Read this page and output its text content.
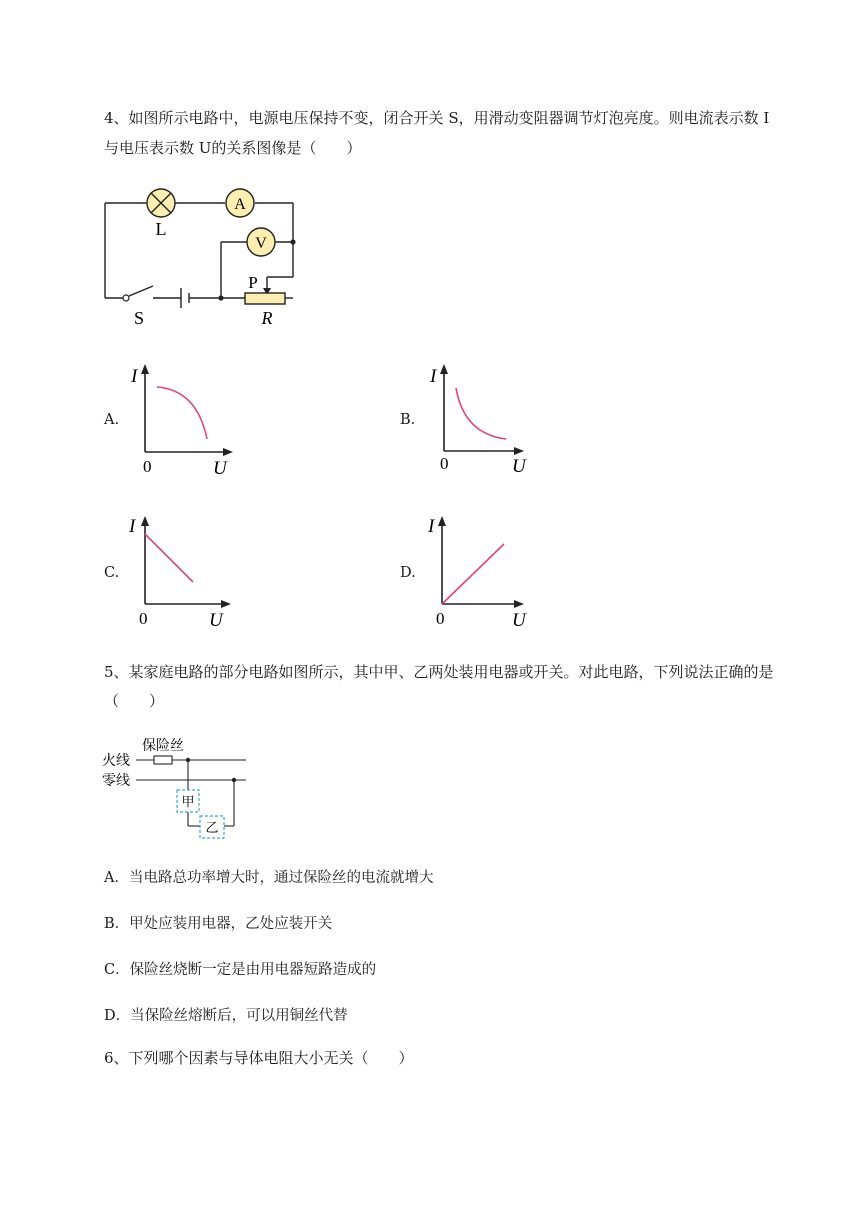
4、如图所示电路中，电源电压保持不变，闭合开关 S，用滑动变阻器调节灯泡亮度。则电流表示数 I
与电压表示数 U的关系图像是（　　）
A
V
L
P
R
S
A.
I
0	U
B.
I
0	U
C.
I
0	U
D.
I
0	U
5、某家庭电路的部分电路如图所示，其中甲、乙两处装用电器或开关。对此电路，下列说法正确的是
（　　）
保险丝
火线
零线
甲
乙
A．当电路总功率增大时，通过保险丝的电流就增大
B．甲处应装用电器，乙处应装开关
C．保险丝烧断一定是由用电器短路造成的
D．当保险丝熔断后，可以用铜丝代替
6、下列哪个因素与导体电阻大小无关（　　）
